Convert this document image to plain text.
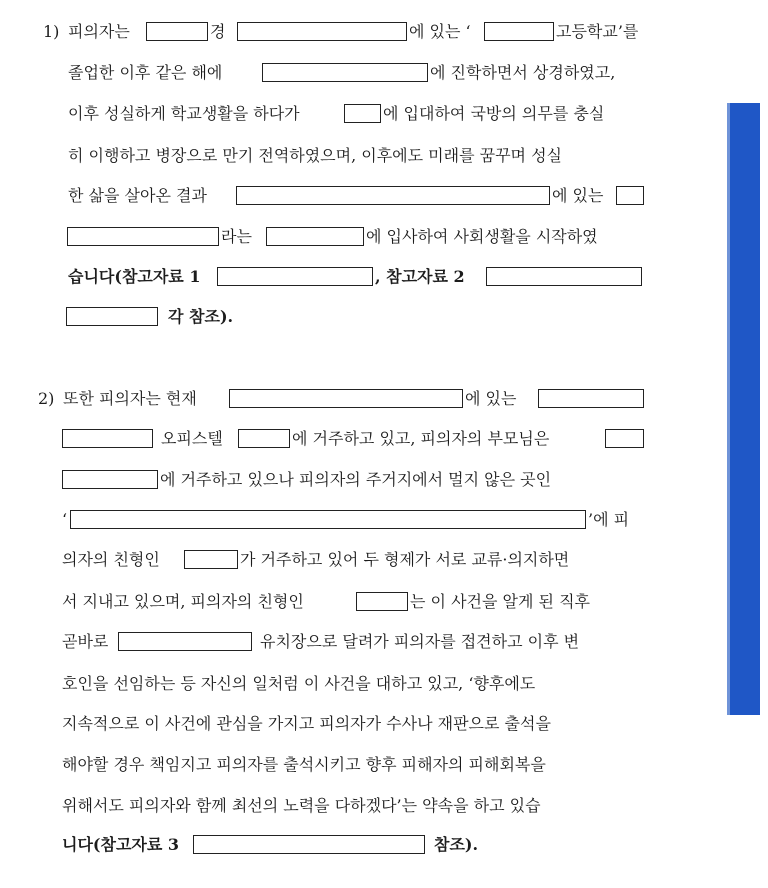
1) 피의자는	경	에 있는 ‘	고등학교’를
졸업한 이후 같은 해에	에 진학하면서 상경하였고,
이후 성실하게 학교생활을 하다가	에 입대하여 국방의 의무를 충실
히 이행하고 병장으로 만기 전역하였으며, 이후에도 미래를 꿈꾸며 성실
한 삶을 살아온 결과	에 있는
라는	에 입사하여 사회생활을 시작하였
습니다(참고자료 1	, 참고자료 2
각 참조).
2) 또한 피의자는 현재	에 있는
오피스텔	에 거주하고 있고, 피의자의 부모님은
에 거주하고 있으나 피의자의 주거지에서 멀지 않은 곳인
‘	’에 피
의자의 친형인	가 거주하고 있어 두 형제가 서로 교류·의지하면
서 지내고 있으며, 피의자의 친형인	는 이 사건을 알게 된 직후
곧바로	유치장으로 달려가 피의자를 접견하고 이후 변
호인을 선임하는 등 자신의 일처럼 이 사건을 대하고 있고, ‘향후에도
지속적으로 이 사건에 관심을 가지고 피의자가 수사나 재판으로 출석을
해야할 경우 책임지고 피의자를 출석시키고 향후 피해자의 피해회복을
위해서도 피의자와 함께 최선의 노력을 다하겠다’는 약속을 하고 있습
니다(참고자료 3	참조).
